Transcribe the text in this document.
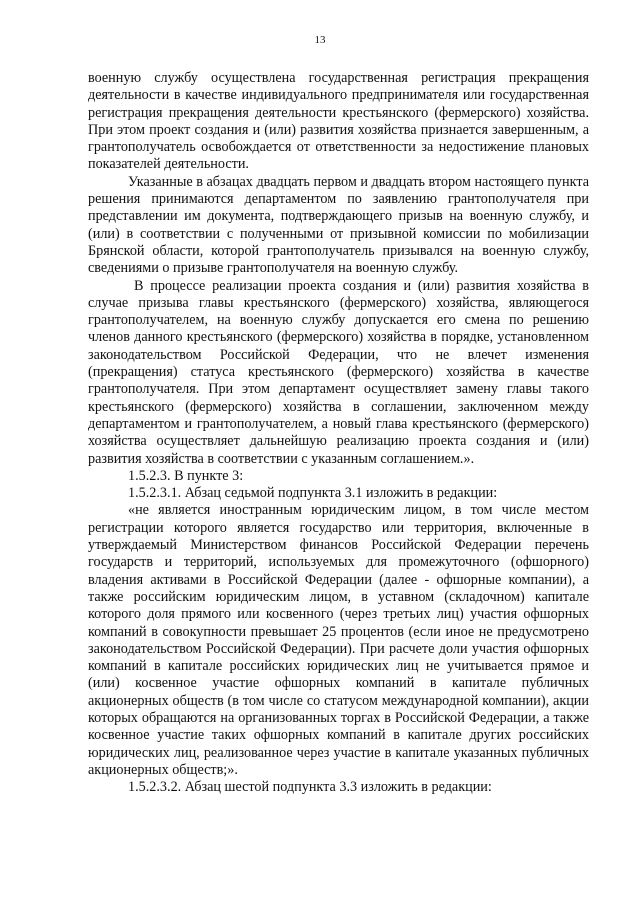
13

военную службу осуществлена государственная регистрация прекращения деятельности в качестве индивидуального предпринимателя или государственная регистрация прекращения деятельности крестьянского (фермерского) хозяйства. При этом проект создания и (или) развития хозяйства признается завершенным, а грантополучатель освобождается от ответственности за недостижение плановых показателей деятельности.

Указанные в абзацах двадцать первом и двадцать втором настоящего пункта решения принимаются департаментом по заявлению грантополучателя при представлении им документа, подтверждающего призыв на военную службу, и (или) в соответствии с полученными от призывной комиссии по мобилизации Брянской области, которой грантополучатель призывался на военную службу, сведениями о призыве грантополучателя на военную службу.

В процессе реализации проекта создания и (или) развития хозяйства в случае призыва главы крестьянского (фермерского) хозяйства, являющегося грантополучателем, на военную службу допускается его смена по решению членов данного крестьянского (фермерского) хозяйства в порядке, установленном законодательством Российской Федерации, что не влечет изменения (прекращения) статуса крестьянского (фермерского) хозяйства в качестве грантополучателя. При этом департамент осуществляет замену главы такого крестьянского (фермерского) хозяйства в соглашении, заключенном между департаментом и грантополучателем, а новый глава крестьянского (фермерского) хозяйства осуществляет дальнейшую реализацию проекта создания и (или) развития хозяйства в соответствии с указанным соглашением.».

1.5.2.3. В пункте 3:

1.5.2.3.1. Абзац седьмой подпункта 3.1 изложить в редакции:

«не является иностранным юридическим лицом, в том числе местом регистрации которого является государство или территория, включенные в утверждаемый Министерством финансов Российской Федерации перечень государств и территорий, используемых для промежуточного (офшорного) владения активами в Российской Федерации (далее - офшорные компании), а также российским юридическим лицом, в уставном (складочном) капитале которого доля прямого или косвенного (через третьих лиц) участия офшорных компаний в совокупности превышает 25 процентов (если иное не предусмотрено законодательством Российской Федерации). При расчете доли участия офшорных компаний в капитале российских юридических лиц не учитывается прямое и (или) косвенное участие офшорных компаний в капитале публичных акционерных обществ (в том числе со статусом международной компании), акции которых обращаются на организованных торгах в Российской Федерации, а также косвенное участие таких офшорных компаний в капитале других российских юридических лиц, реализованное через участие в капитале указанных публичных акционерных обществ;».

1.5.2.3.2. Абзац шестой подпункта 3.3 изложить в редакции:
